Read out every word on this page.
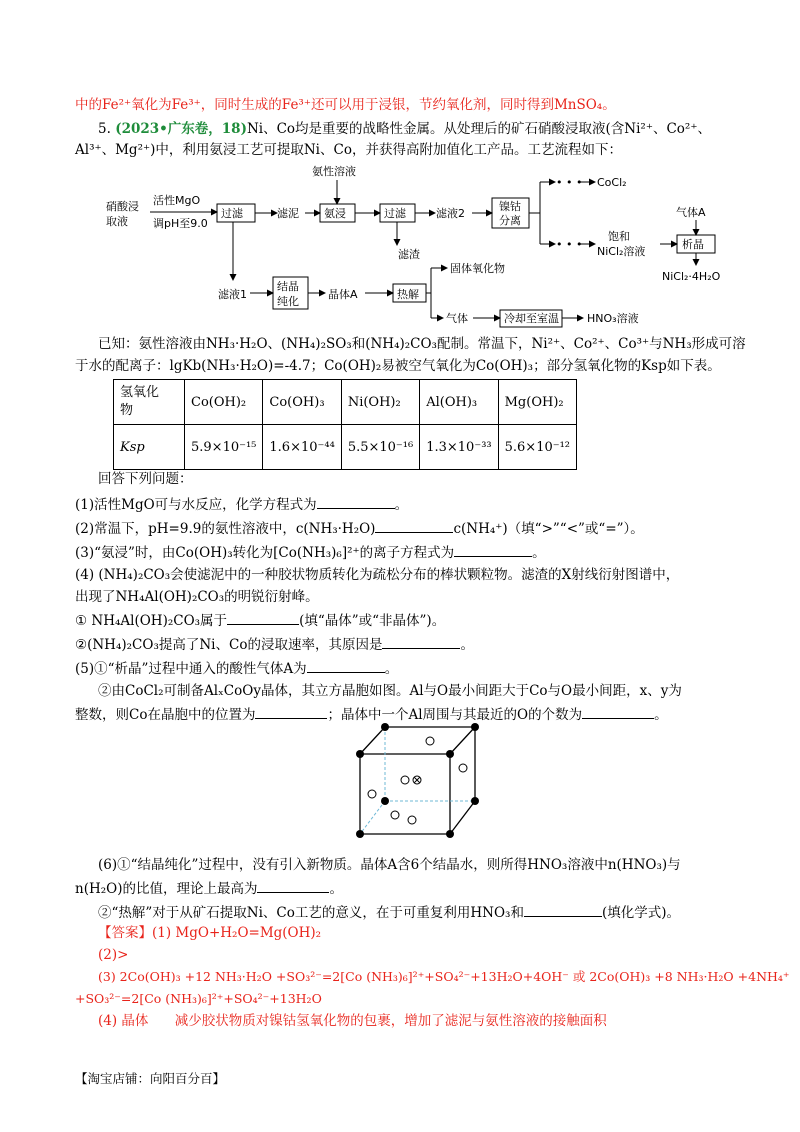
中的Fe²⁺氧化为Fe³⁺，同时生成的Fe³⁺还可以用于浸银，节约氧化剂，同时得到MnSO₄。
5. (2023•广东卷，18)Ni、Co均是重要的战略性金属。从处理后的矿石硝酸浸取液(含Ni²⁺、Co²⁺、
Al³⁺、Mg²⁺)中，利用氨浸工艺可提取Ni、Co，并获得高附加值化工产品。工艺流程如下：
硝酸浸
取液
活性MgO
调pH至9.0
过滤	滤泥
氨性溶液
氨浸	过滤	滤液2
滤渣
镍钴
分离
• • •
• • •
CoCl₂
饱和
NiCl₂溶液
气体A
析晶
NiCl₂·4H₂O
滤液1
结晶
纯化
晶体A	热解
固体氧化物
气体	冷却至室温	HNO₃溶液
已知：氨性溶液由NH₃·H₂O、(NH₄)₂SO₃和(NH₄)₂CO₃配制。常温下，Ni²⁺、Co²⁺、Co³⁺与NH₃形成可溶
于水的配离子：lgKb(NH₃·H₂O)=-4.7；Co(OH)₂易被空气氧化为Co(OH)₃；部分氢氧化物的Ksp如下表。
氢氧化
物	Co(OH)₂	Co(OH)₃	Ni(OH)₂	Al(OH)₃	Mg(OH)₂
Ksp	5.9×10⁻¹⁵	1.6×10⁻⁴⁴	5.5×10⁻¹⁶	1.3×10⁻³³	5.6×10⁻¹²
回答下列问题：
(1)活性MgO可与水反应，化学方程式为	。
(2)常温下，pH=9.9的氨性溶液中，c(NH₃·H₂O)	c(NH₄⁺)（填“>”“<”或“=”）。
(3)“氨浸”时，由Co(OH)₃转化为[Co(NH₃)₆]²⁺的离子方程式为	。
(4) (NH₄)₂CO₃会使滤泥中的一种胶状物质转化为疏松分布的棒状颗粒物。滤渣的X射线衍射图谱中，
出现了NH₄Al(OH)₂CO₃的明锐衍射峰。
① NH₄Al(OH)₂CO₃属于	(填“晶体”或“非晶体”)。
②(NH₄)₂CO₃提高了Ni、Co的浸取速率，其原因是	。
(5)①“析晶”过程中通入的酸性气体A为	。
②由CoCl₂可制备AlₓCoOy晶体，其立方晶胞如图。Al与O最小间距大于Co与O最小间距，x、y为
整数，则Co在晶胞中的位置为	；晶体中一个Al周围与其最近的O的个数为	。
(6)①“结晶纯化”过程中，没有引入新物质。晶体A含6个结晶水，则所得HNO₃溶液中n(HNO₃)与
n(H₂O)的比值，理论上最高为	。
②“热解”对于从矿石提取Ni、Co工艺的意义，在于可重复利用HNO₃和	(填化学式)。
【答案】(1) MgO+H₂O=Mg(OH)₂
(2)>
(3) 2Co(OH)₃ +12 NH₃·H₂O +SO₃²⁻=2[Co (NH₃)₆]²⁺+SO₄²⁻+13H₂O+4OH⁻ 或 2Co(OH)₃ +8 NH₃·H₂O +4NH₄⁺
+SO₃²⁻=2[Co (NH₃)₆]²⁺+SO₄²⁻+13H₂O
(4) 晶体 减少胶状物质对镍钴氢氧化物的包裹，增加了滤泥与氨性溶液的接触面积
【淘宝店铺：向阳百分百】
